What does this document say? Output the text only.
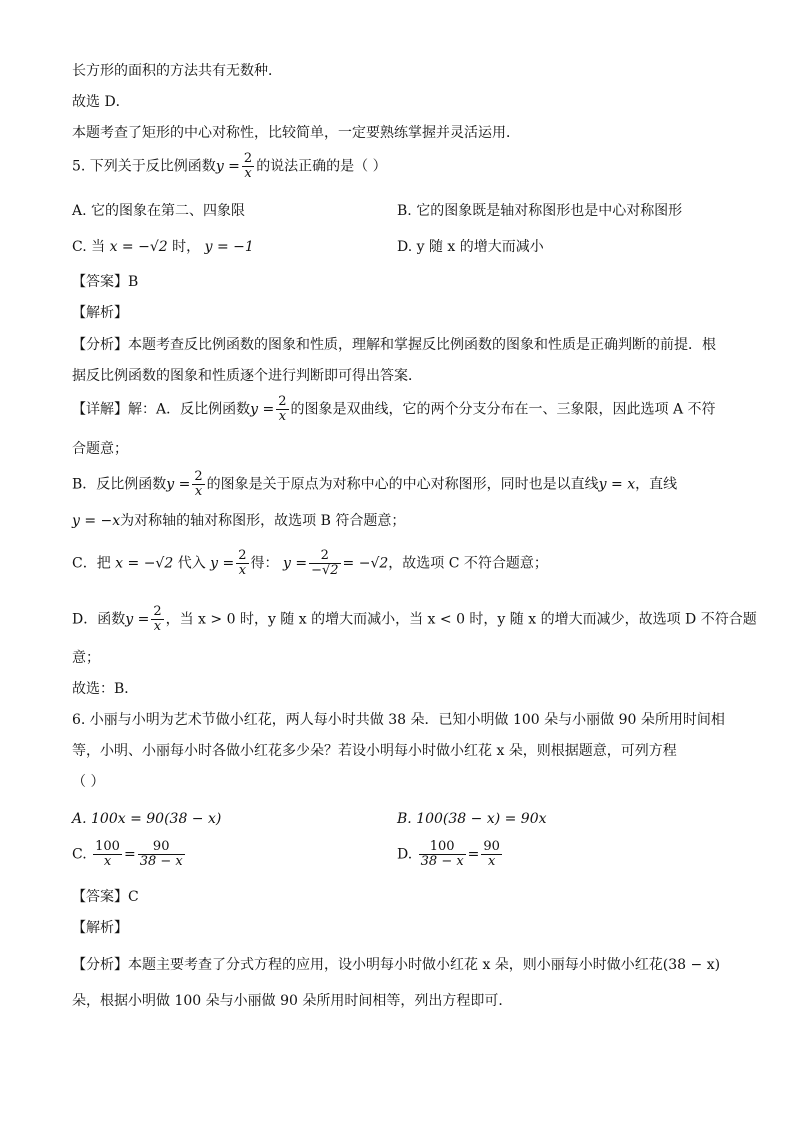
长方形的面积的方法共有无数种．
故选 D．
本题考查了矩形的中心对称性，比较简单，一定要熟练掌握并灵活运用．
5. 下列关于反比例函数$y = \frac{2}{x}$ 的说法正确的是（ ）
A. 它的图象在第二、四象限	B. 它的图象既是轴对称图形也是中心对称图形
C. 当 x = −√2 时， y = −1	D. y 随 x 的增大而减小
【答案】B
【解析】
【分析】本题考查反比例函数的图象和性质，理解和掌握反比例函数的图象和性质是正确判断的前提．根
据反比例函数的图象和性质逐个进行判断即可得出答案．
【详解】解：A．反比例函数$y = \frac{2}{x}$ 的图象是双曲线，它的两个分支分布在一、三象限，因此选项 A 不符
合题意；
B．反比例函数$y = \frac{2}{x}$ 的图象是关于原点为对称中心的中心对称图形，同时也是以直线y = x，直线
y = −x为对称轴的轴对称图形，故选项 B 符合题意；
C．把 x = −√2 代入 $y = \frac{2}{x}$ 得： $y = \frac{2}{-√2} = -√2$，故选项 C 不符合题意；
D．函数$y = \frac{2}{x}$ ，当 x > 0 时，y 随 x 的增大而减小，当 x < 0 时，y 随 x 的增大而减少，故选项 D 不符合题
意；
故选：B．
6. 小丽与小明为艺术节做小红花，两人每小时共做 38 朵．已知小明做 100 朵与小丽做 90 朵所用时间相
等，小明、小丽每小时各做小红花多少朵？若设小明每小时做小红花 x 朵，则根据题意，可列方程
（ ）
A. 100x = 90(38 − x)	B. 100(38 − x) = 90x
C. $\frac{100}{x} = \frac{90}{38 - x}$	D. $\frac{100}{38 - x} = \frac{90}{x}$
【答案】C
【解析】
【分析】本题主要考查了分式方程的应用，设小明每小时做小红花 x 朵，则小丽每小时做小红花(38 − x)
朵，根据小明做 100 朵与小丽做 90 朵所用时间相等，列出方程即可．
